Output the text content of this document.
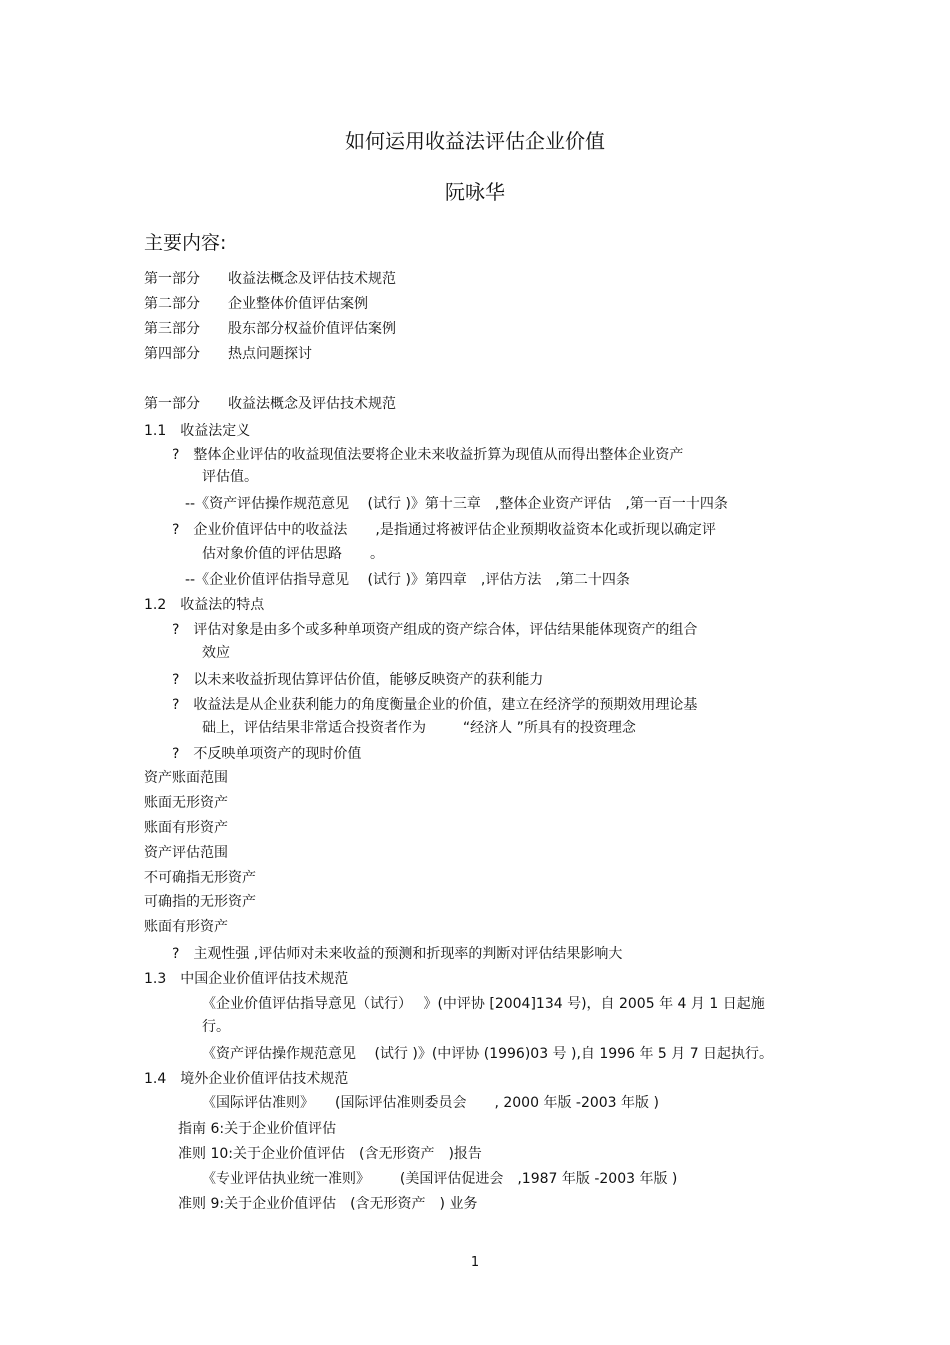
如何运用收益法评估企业价值
阮咏华
主要内容:
第一部分　　收益法概念及评估技术规范
第二部分　　企业整体价值评估案例
第三部分　　股东部分权益价值评估案例
第四部分　　热点问题探讨
第一部分　　收益法概念及评估技术规范
1.1　收益法定义
?　整体企业评估的收益现值法要将企业未来收益折算为现值从而得出整体企业资产
评估值。
--《资产评估操作规范意见　 (试行 )》第十三章　,整体企业资产评估　,第一百一十四条
?　企业价值评估中的收益法　　,是指通过将被评估企业预期收益资本化或折现以确定评
估对象价值的评估思路　　。
--《企业价值评估指导意见　 (试行 )》第四章　,评估方法　,第二十四条
1.2　收益法的特点
?　评估对象是由多个或多种单项资产组成的资产综合体，评估结果能体现资产的组合
效应
?　以未来收益折现估算评估价值，能够反映资产的获利能力
?　收益法是从企业获利能力的角度衡量企业的价值，建立在经济学的预期效用理论基
础上，评估结果非常适合投资者作为　　  “经济人 ”所具有的投资理念
?　不反映单项资产的现时价值
资产账面范围
账面无形资产
账面有形资产
资产评估范围
不可确指无形资产
可确指的无形资产
账面有形资产
?　主观性强 ,评估师对未来收益的预测和折现率的判断对评估结果影响大
1.3　中国企业价值评估技术规范
《企业价值评估指导意见（试行）　 》(中评协 [2004]134 号)，自 2005 年 4 月 1 日起施
行。
《资产评估操作规范意见　 (试行 )》(中评协 (1996)03 号 ),自 1996 年 5 月 7 日起执行。
1.4　境外企业价值评估技术规范
《国际评估准则》　　(国际评估准则委员会　　, 2000 年版 -2003 年版 )
指南 6:关于企业价值评估
准则 10:关于企业价值评估　(含无形资产　)报告
《专业评估执业统一准则》　　  (美国评估促进会　,1987 年版 -2003 年版 )
准则 9:关于企业价值评估　(含无形资产　) 业务
1
